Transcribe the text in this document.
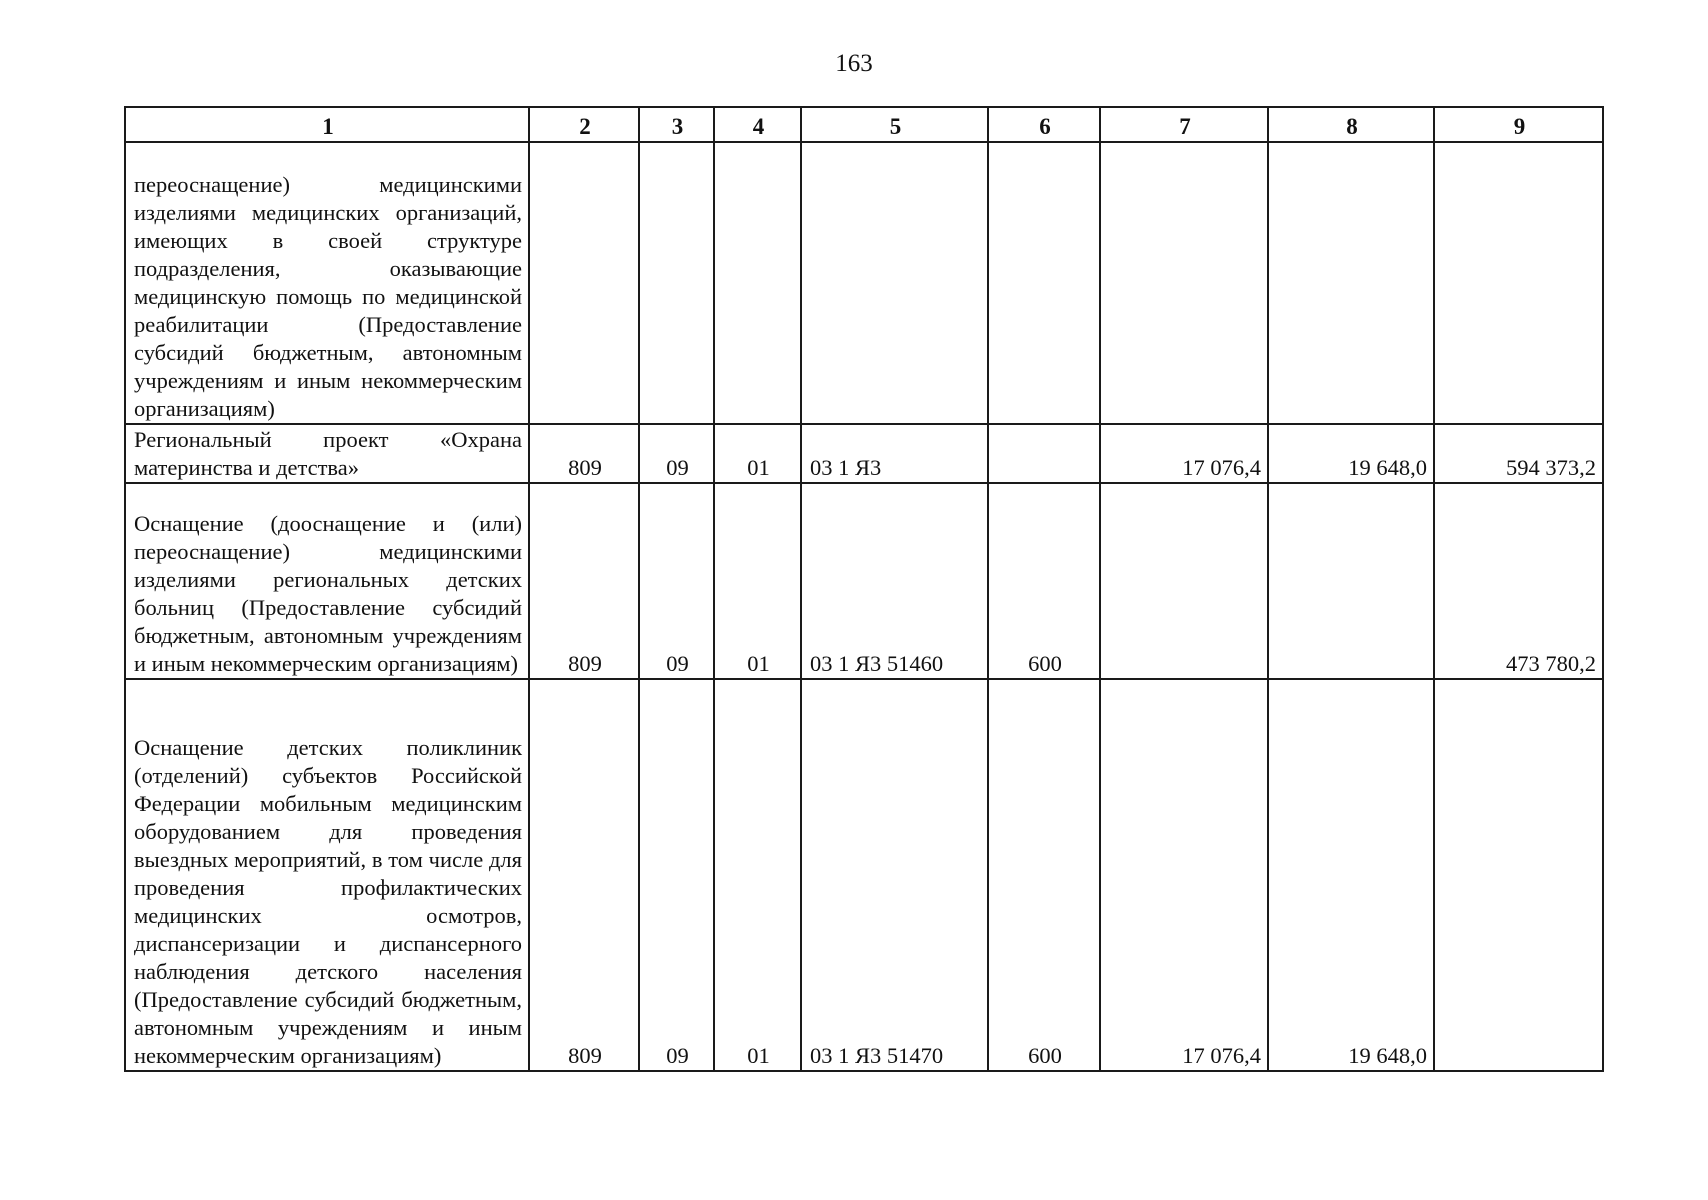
163
1	2	3	4	5	6	7	8	9

переоснащение) медицинскими изделиями медицинских организаций, имеющих в своей структуре подразделения, оказывающие медицинскую помощь по медицинской реабилитации (Предоставление субсидий бюджетным, автономным учреждениям и иным некоммерческим организациям)								

Региональный проект «Охрана материнства и детства»	809	09	01	03 1 Я3		17 076,4	19 648,0	594 373,2

Оснащение (дооснащение и (или) переоснащение) медицинскими изделиями региональных детских больниц (Предоставление субсидий бюджетным, автономным учреждениям и иным некоммерческим организациям)	809	09	01	03 1 Я3 51460	600			473 780,2

Оснащение детских поликлиник (отделений) субъектов Российской Федерации мобильным медицинским оборудованием для проведения выездных мероприятий, в том числе для проведения профилактических медицинских осмотров, диспансеризации и диспансерного наблюдения детского населения (Предоставление субсидий бюджетным, автономным учреждениям и иным некоммерческим организациям)	809	09	01	03 1 Я3 51470	600	17 076,4	19 648,0	
